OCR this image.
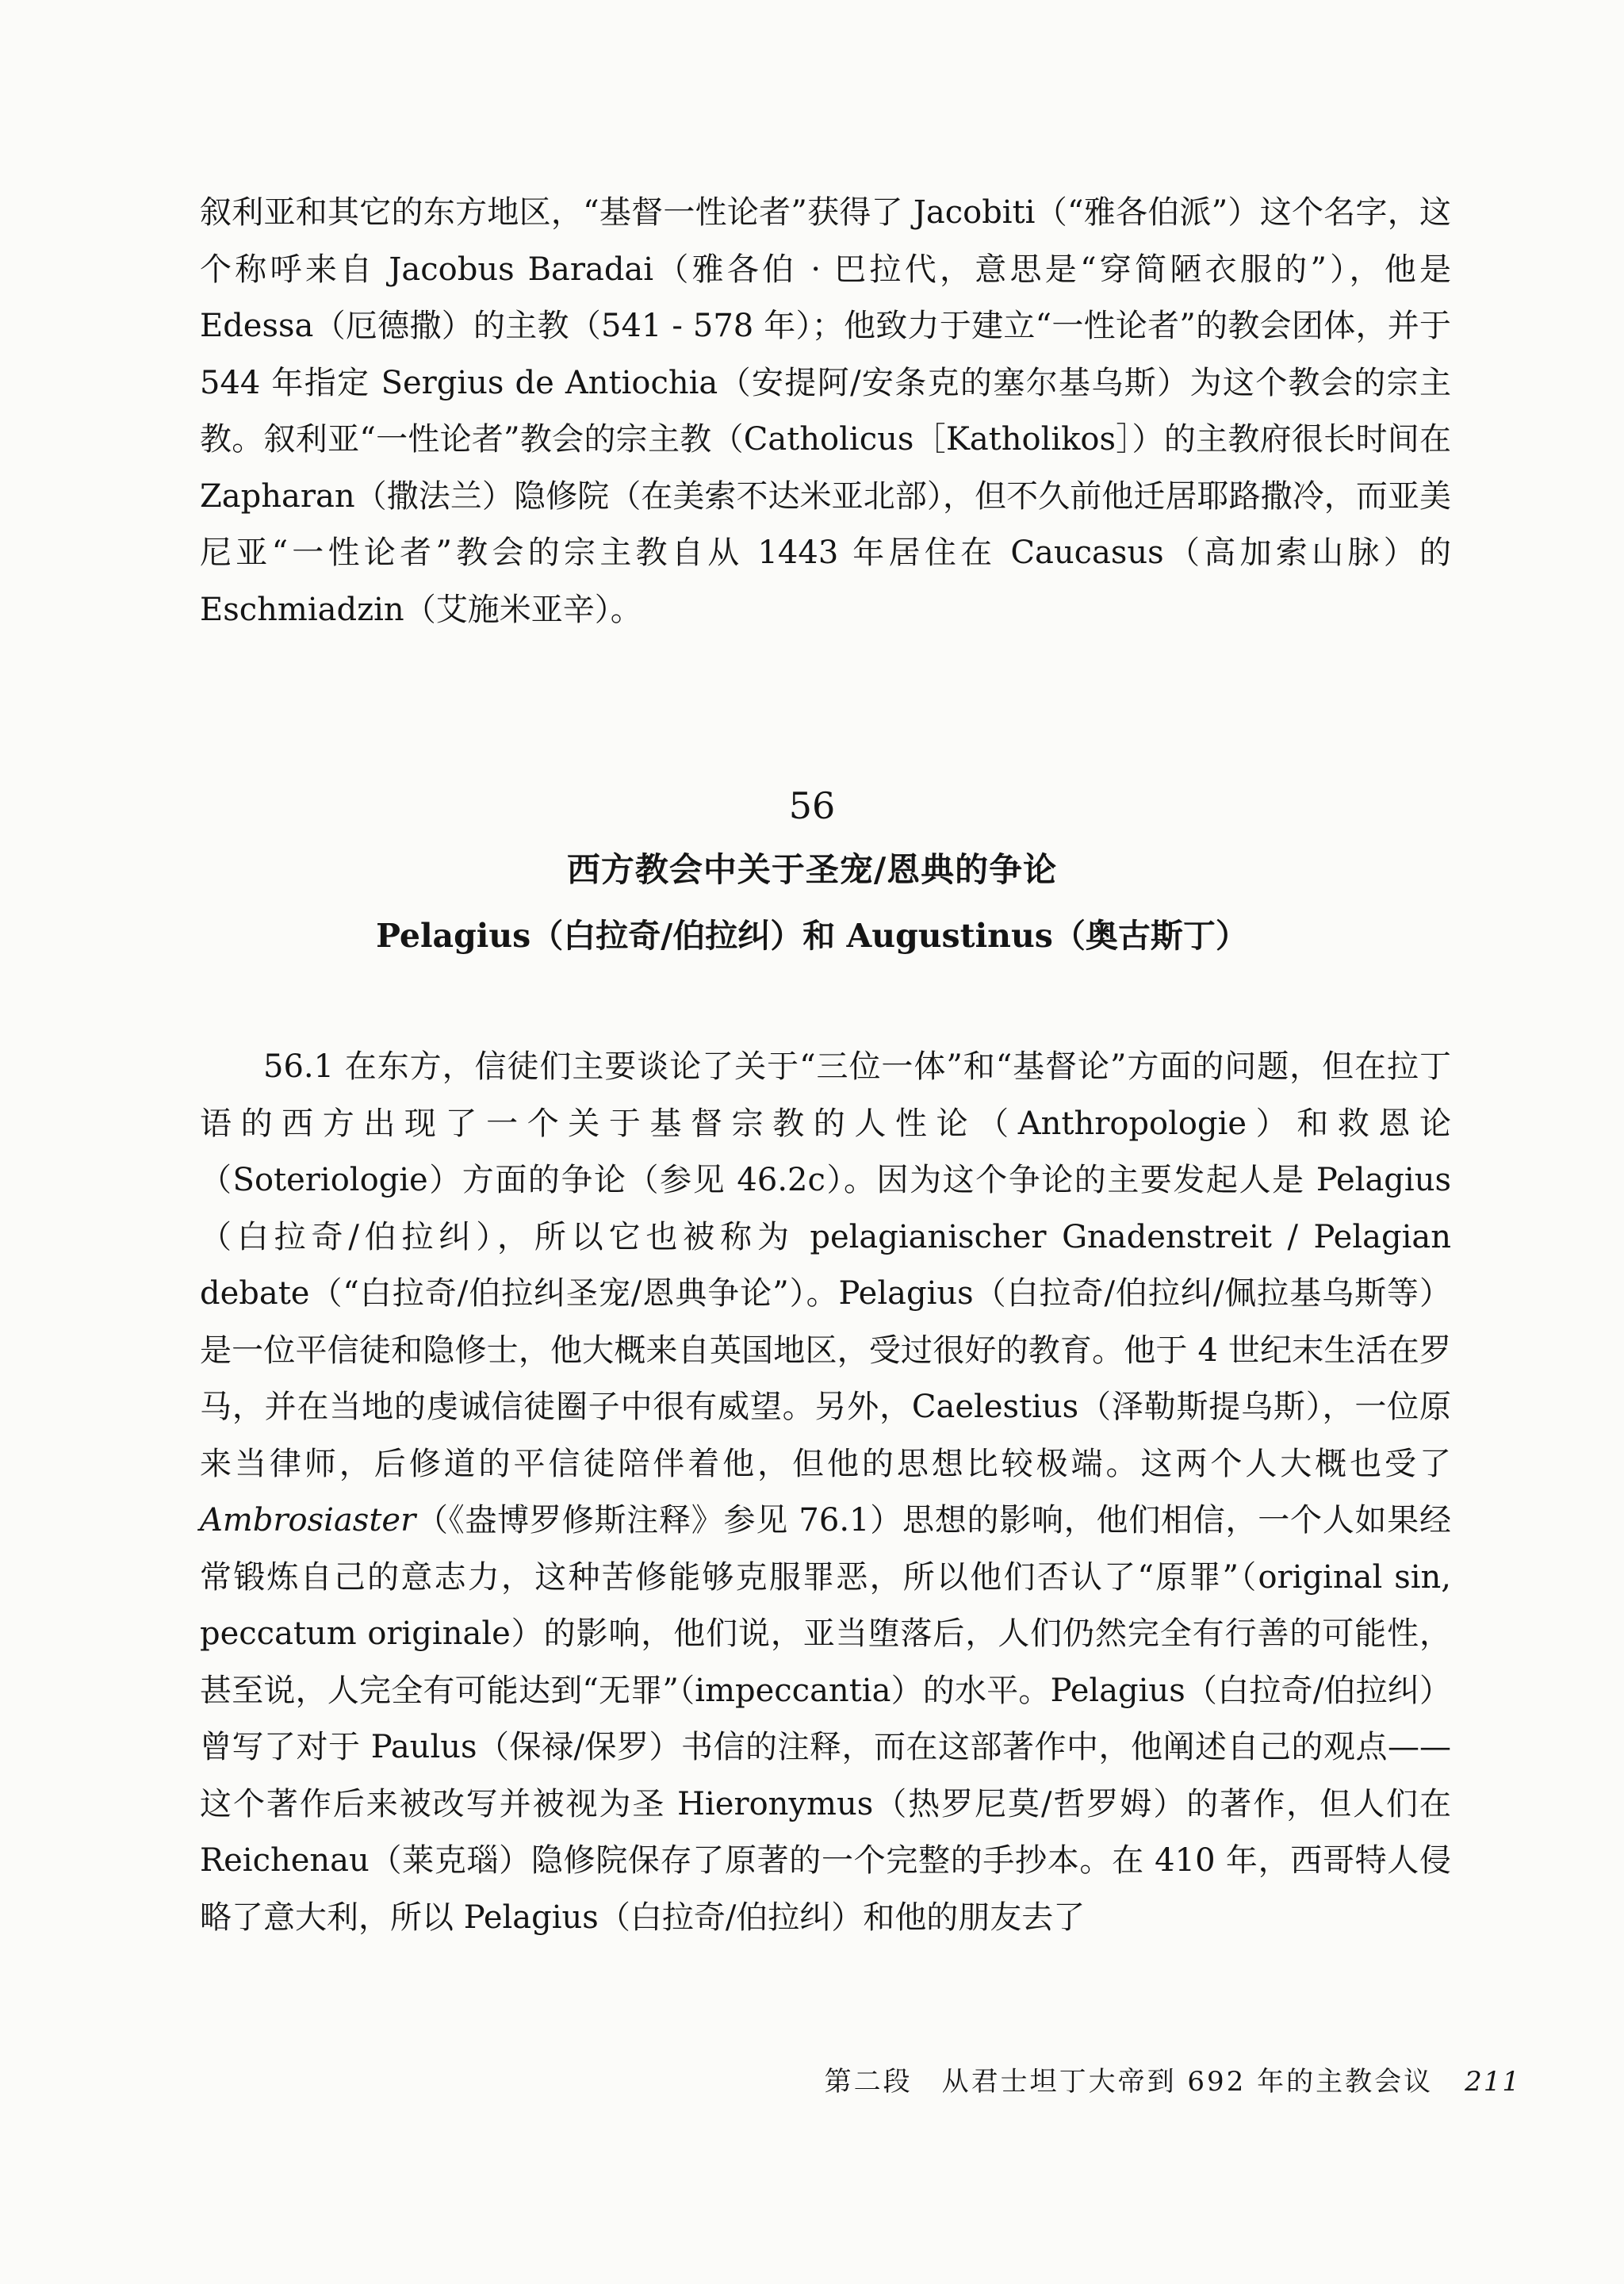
叙利亚和其它的东方地区，“基督一性论者”获得了 Jacobiti（“雅各伯派”）这个名字，这个称呼来自 Jacobus Baradai（雅各伯 · 巴拉代，意思是“穿简陋衣服的”），他是 Edessa（厄德撒）的主教（541 - 578 年）；他致力于建立“一性论者”的教会团体，并于 544 年指定 Sergius de Antiochia（安提阿/安条克的塞尔基乌斯）为这个教会的宗主教。叙利亚“一性论者”教会的宗主教（Catholicus［Katholikos］）的主教府很长时间在 Zapharan（撒法兰）隐修院（在美索不达米亚北部），但不久前他迁居耶路撒冷，而亚美尼亚“一性论者”教会的宗主教自从 1443 年居住在 Caucasus（高加索山脉）的 Eschmiadzin（艾施米亚辛）。

56
西方教会中关于圣宠/恩典的争论
Pelagius（白拉奇/伯拉纠）和 Augustinus（奥古斯丁）

56.1 在东方，信徒们主要谈论了关于“三位一体”和“基督论”方面的问题，但在拉丁语的西方出现了一个关于基督宗教的人性论（Anthropologie）和救恩论（Soteriologie）方面的争论（参见 46.2c）。因为这个争论的主要发起人是 Pelagius（白拉奇/伯拉纠），所以它也被称为 pelagianischer Gnadenstreit / Pelagian debate（“白拉奇/伯拉纠圣宠/恩典争论”）。Pelagius（白拉奇/伯拉纠/佩拉基乌斯等）是一位平信徒和隐修士，他大概来自英国地区，受过很好的教育。他于 4 世纪末生活在罗马，并在当地的虔诚信徒圈子中很有威望。另外，Caelestius（泽勒斯提乌斯），一位原来当律师，后修道的平信徒陪伴着他，但他的思想比较极端。这两个人大概也受了 Ambrosiaster（《盎博罗修斯注释》参见 76.1）思想的影响，他们相信，一个人如果经常锻炼自己的意志力，这种苦修能够克服罪恶，所以他们否认了“原罪”（original sin, peccatum originale）的影响，他们说，亚当堕落后，人们仍然完全有行善的可能性，甚至说，人完全有可能达到“无罪”（impeccantia）的水平。Pelagius（白拉奇/伯拉纠）曾写了对于 Paulus（保禄/保罗）书信的注释，而在这部著作中，他阐述自己的观点——这个著作后来被改写并被视为圣 Hieronymus（热罗尼莫/哲罗姆）的著作，但人们在 Reichenau（莱克瑙）隐修院保存了原著的一个完整的手抄本。在 410 年，西哥特人侵略了意大利，所以 Pelagius（白拉奇/伯拉纠）和他的朋友去了

第二段　从君士坦丁大帝到 692 年的主教会议 211
